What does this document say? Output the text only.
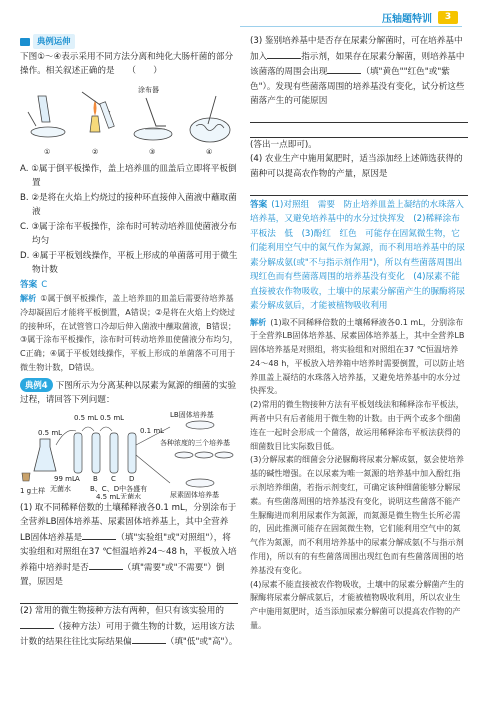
压轴题特训	3
典例运伸
下图①～④表示采用不同方法分离和纯化大肠杆菌的部分操作。相关叙述正确的是　　（　　）
①	②	③	④
涂布器
A. ①属于倒平板操作，盖上培养皿的皿盖后立即将平板倒置
B. ②是将在火焰上灼烧过的接种环直接伸入菌液中蘸取菌液
C. ③属于涂布平板操作，涂布时可转动培养皿使菌液分布均匀
D. ④属于平板划线操作，平板上形成的单菌落可用于微生物计数
答案 C
解析 ①属于倒平板操作，盖上培养皿的皿盖后需要待培养基冷却凝固后才能将平板倒置，A错误；②是将在火焰上灼烧过的接种环，在试管管口冷却后伸入菌液中蘸取菌液，B错误；③属于涂布平板操作，涂布时可转动培养皿使菌液分布均匀，C正确；④属于平板划线操作，平板上形成的单菌落不可用于微生物计数，D错误。
典例4 下图所示为分离某种以尿素为氮源的细菌的实验过程，请回答下列问题：
0.5 mL
0.5 mL 0.5 mL
0.1 mL
1 g土样
99 mL
无菌水
A B C D
B、C、D中各盛有
4.5 mL无菌水
LB固体培养基
各种浓度的三个培养基
尿素固体培养基
(1) 取不同稀释倍数的土壤稀释液各0.1 mL，分别涂布于全营养LB固体培养基、尿素固体培养基上，其中全营养LB固体培养基是	（填"实验组"或"对照组"），将实验组和对照组在37 ℃恒温培养24～48 h，平板放入培养箱中培养时是否	（填"需要"或"不需要"）倒置，原因是
(2) 常用的微生物接种方法有两种，但只有该实验用的（接种方法）可用于微生物的计数，运用该方法计数的结果往往比实际结果偏	（填"低"或"高"）。
(3) 鉴别培养基中是否存在尿素分解菌时，可在培养基中加入	指示剂，如果存在尿素分解菌，则培养基中该菌落的周围会出现	（填"黄色""红色"或"紫色"）。发现有些菌落周围的培养基没有变化，试分析这些菌落产生的可能原因
(答出一点即可)。
(4) 农业生产中施用氮肥时，适当添加经上述筛选获得的菌种可以提高农作物的产量，原因是
答案 (1)对照组　需要　防止培养皿盖上凝结的水珠落入培养基，又避免培养基中的水分过快挥发　(2)稀释涂布平板法　低　(3)酚红　红色　可能存在固氮微生物，它们能利用空气中的氮气作为氮源，而不利用培养基中的尿素分解成氨(或"不与指示剂作用")，所以有些菌落周围出现红色而有些菌落周围的培养基没有变化　(4)尿素不能直接被农作物吸收，土壤中的尿素分解菌产生的脲酶将尿素分解成氨后，才能被植物吸收利用
解析 (1)取不同稀释倍数的土壤稀释液各0.1 mL，分别涂布于全营养LB固体培养基、尿素固体培养基上，其中全营养LB固体培养基是对照组，将实验组和对照组在37 ℃恒温培养24～48 h，平板放入培养箱中培养时需要倒置，可以防止培养皿盖上凝结的水珠落入培养基，又避免培养基中的水分过快挥发。
(2)常用的微生物接种方法有平板划线法和稀释涂布平板法，两者中只有后者能用于微生物的计数。由于两个或多个细菌连在一起时会形成一个菌落，故运用稀释涂布平板法获得的细菌数目比实际数目低。
(3)分解尿素的细菌会分泌脲酶将尿素分解成氨，氨会使培养基的碱性增强。在以尿素为唯一氮源的培养基中加入酚红指示剂培养细菌，若指示剂变红，可确定该种细菌能够分解尿素。有些菌落周围的培养基没有变化，说明这些菌落不能产生脲酶进而利用尿素作为氮源，而氮源是微生物生长所必需的，因此推测可能存在固氮微生物，它们能利用空气中的氮气作为氮源，而不利用培养基中的尿素分解成氨(不与指示剂作用)，所以有的有些菌落周围出现红色而有些菌落周围的培养基没有变化。
(4)尿素不能直接被农作物吸收，土壤中的尿素分解菌产生的脲酶将尿素分解成氨后，才能被植物吸收利用，所以农业生产中施用氮肥时，适当添加尿素分解菌可以提高农作物的产量。
